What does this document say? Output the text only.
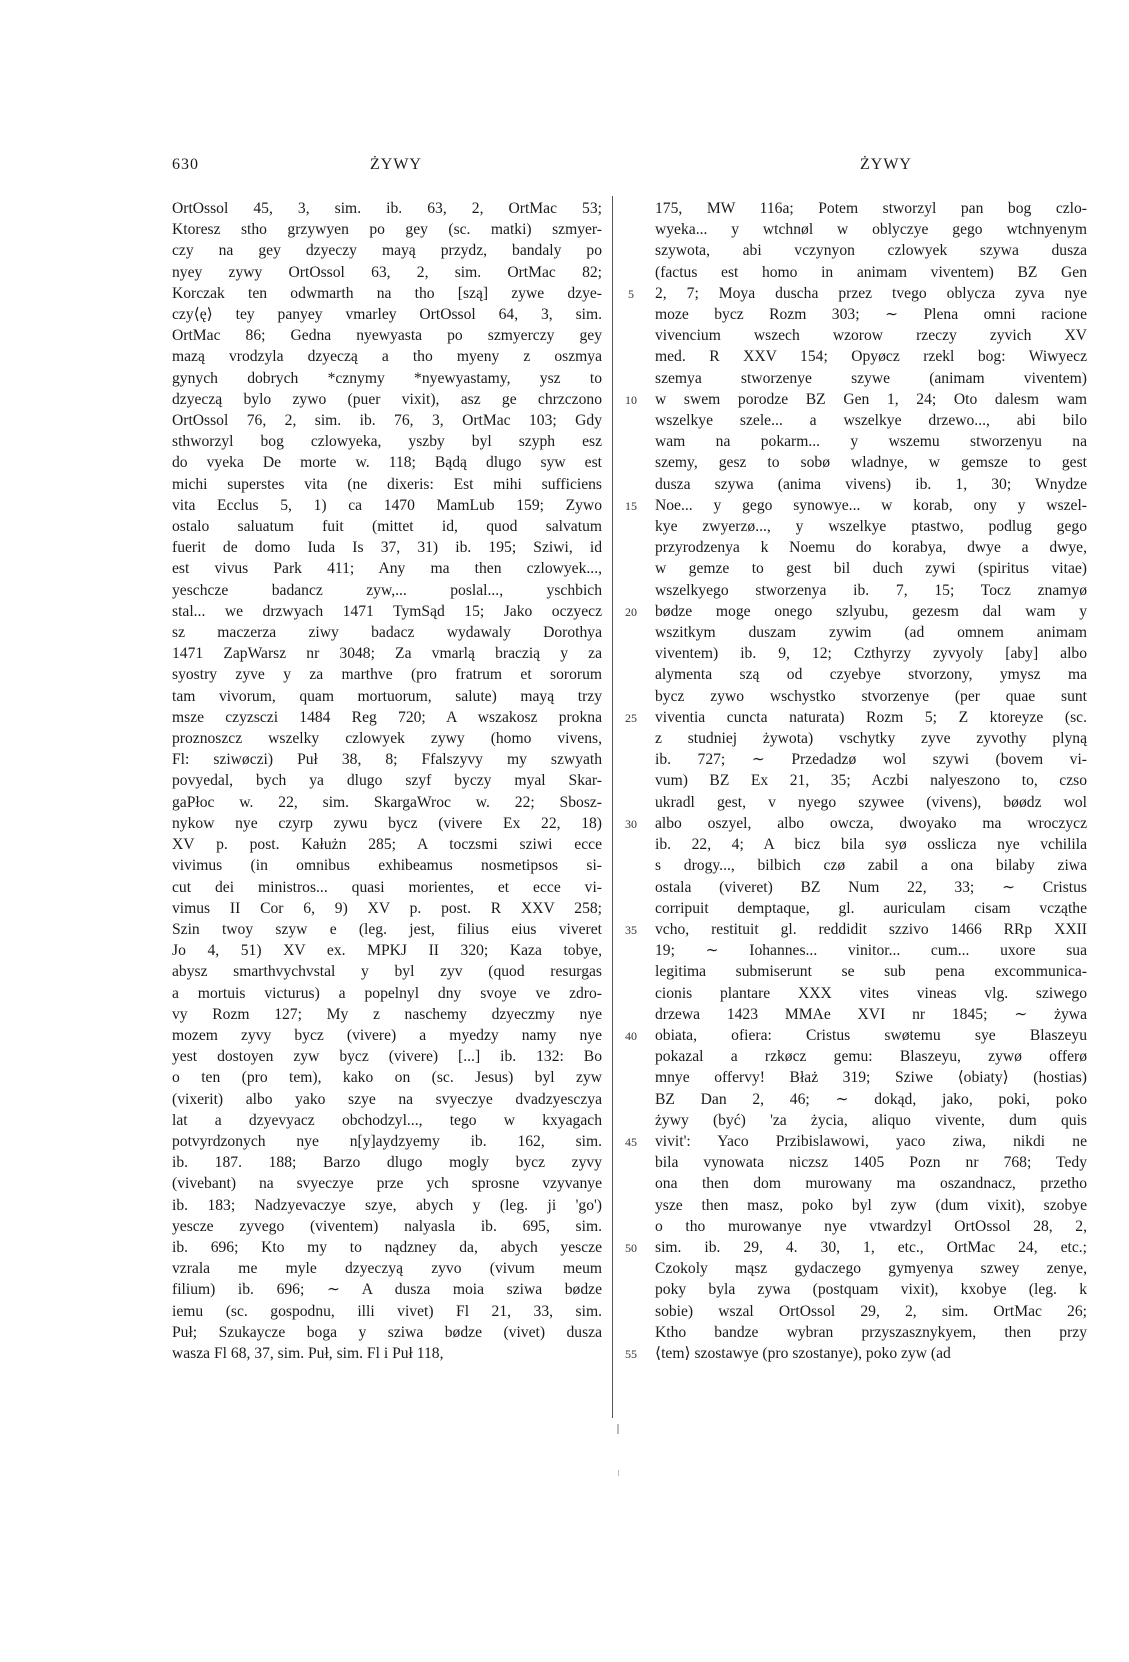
630	ŻYWY	ŻYWY
OrtOssol 45, 3, sim. ib. 63, 2, OrtMac 53;
Ktoresz stho grzywyen po gey (sc. matki) szmyer-
czy na gey dzyeczy mayą przydz, bandaly po
nyey zywy OrtOssol 63, 2, sim. OrtMac 82;
Korczak ten odwmarth na tho [szą] zywe dzye-
czy⟨ę⟩ tey panyey vmarley OrtOssol 64, 3, sim.
OrtMac 86; Gedna nyewyasta po szmyerczy gey
mazą vrodzyla dzyeczą a tho myeny z oszmya
gynych dobrych *cznymy *nyewyastamy, ysz to
dzyeczą bylo zywo (puer vixit), asz ge chrzczono
OrtOssol 76, 2, sim. ib. 76, 3, OrtMac 103; Gdy
sthworzyl bog czlowyeka, yszby byl szyph esz
do vyeka De morte w. 118; Bądą dlugo syw est
michi superstes vita (ne dixeris: Est mihi sufficiens
vita Ecclus 5, 1) ca 1470 MamLub 159; Zywo
ostalo saluatum fuit (mittet id, quod salvatum
fuerit de domo Iuda Is 37, 31) ib. 195; Sziwi, id
est vivus Park 411; Any ma then czlowyek...,
yeschcze badancz zyw,... poslal..., yschbich
stal... we drzwyach 1471 TymSąd 15; Jako oczyecz
sz maczerza ziwy badacz wydawaly Dorothya
1471 ZapWarsz nr 3048; Za vmarlą braczią y za
syostry zyve y za marthve (pro fratrum et sororum
tam vivorum, quam mortuorum, salute) mayą trzy
msze czyzsczi 1484 Reg 720; A wszakosz prokna
proznoszcz wszelky czlowyek zywy (homo vivens,
Fl: sziwøczi) Puł 38, 8; Ffalszyvy my szwyath
povyedal, bych ya dlugo szyf byczy myal Skar-
gaPłoc w. 22, sim. SkargaWroc w. 22; Sbosz-
nykow nye czyrp zywu bycz (vivere Ex 22, 18)
XV p. post. Kałużn 285; A toczsmi sziwi ecce
vivimus (in omnibus exhibeamus nosmetipsos si-
cut dei ministros... quasi morientes, et ecce vi-
vimus II Cor 6, 9) XV p. post. R XXV 258;
Szin twoy szyw e (leg. jest, filius eius viveret
Jo 4, 51) XV ex. MPKJ II 320; Kaza tobye,
abysz smarthvychvstal y byl zyv (quod resurgas
a mortuis victurus) a popelnyl dny svoye ve zdro-
vy Rozm 127; My z naschemy dzyeczmy nye
mozem zyvy bycz (vivere) a myedzy namy nye
yest dostoyen zyw bycz (vivere) [...] ib. 132: Bo
o ten (pro tem), kako on (sc. Jesus) byl zyw
(vixerit) albo yako szye na svyeczye dvadzyesczya
lat a dzyevyacz obchodzyl..., tego w kxyagach
potvyrdzonych nye n[y]aydzyemy ib. 162, sim.
ib. 187. 188; Barzo dlugo mogly bycz zyvy
(vivebant) na svyeczye prze ych sprosne vzyvanye
ib. 183; Nadzyevaczye szye, abych y (leg. ji 'go')
yescze zyvego (viventem) nalyasla ib. 695, sim.
ib. 696; Kto my to nądzney da, abych yescze
vzrala me myle dzyeczyą zyvo (vivum meum
filium) ib. 696; ∼ A dusza moia sziwa bødze
iemu (sc. gospodnu, illi vivet) Fl 21, 33, sim.
Puł; Szukaycze boga y sziwa bødze (vivet) dusza
wasza Fl 68, 37, sim. Puł, sim. Fl i Puł 118,
5
10
15
20
25
30
35
40
45
50
55
175, MW 116a; Potem stworzyl pan bog czlo-
wyeka... y wtchnøl w oblyczye gego wtchnyenym
szywota, abi vczynyon czlowyek szywa dusza
(factus est homo in animam viventem) BZ Gen
2, 7; Moya duscha przez tvego oblycza zyva nye
moze bycz Rozm 303; ∼ Plena omni racione
vivencium wszech wzorow rzeczy zyvich XV
med. R XXV 154; Opyøcz rzekl bog: Wiwyecz
szemya stworzenye szywe (animam viventem)
w swem porodze BZ Gen 1, 24; Oto dalesm wam
wszelkye szele... a wszelkye drzewo..., abi bilo
wam na pokarm... y wszemu stworzenyu na
szemy, gesz to sobø wladnye, w gemsze to gest
dusza szywa (anima vivens) ib. 1, 30; Wnydze
Noe... y gego synowye... w korab, ony y wszel-
kye zwyerzø..., y wszelkye ptastwo, podlug gego
przyrodzenya k Noemu do korabya, dwye a dwye,
w gemze to gest bil duch zywi (spiritus vitae)
wszelkyego stworzenya ib. 7, 15; Tocz znamyø
bødze moge onego szlyubu, gezesm dal wam y
wszitkym duszam zywim (ad omnem animam
viventem) ib. 9, 12; Czthyrzy zyvyoly [aby] albo
alymenta szą od czyebye stvorzony, ymysz ma
bycz zywo wschystko stvorzenye (per quae sunt
viventia cuncta naturata) Rozm 5; Z ktoreyze (sc.
z studniej żywota) vschytky zyve zyvothy plyną
ib. 727; ∼ Przedadzø wol szywi (bovem vi-
vum) BZ Ex 21, 35; Aczbi nalyeszono to, czso
ukradl gest, v nyego szywee (vivens), bøødz wol
albo oszyel, albo owcza, dwoyako ma wroczycz
ib. 22, 4; A bicz bila syø osslicza nye vchilila
s drogy..., bilbich czø zabil a ona bilaby ziwa
ostala (viveret) BZ Num 22, 33; ∼ Cristus
corripuit demptaque, gl. auriculam cisam vcząthe
vcho, restituit gl. reddidit szzivo 1466 RRp XXII
19; ∼ Iohannes... vinitor... cum... uxore sua
legitima submiserunt se sub pena excommunica-
cionis plantare XXX vites vineas vlg. sziwego
drzewa 1423 MMAe XVI nr 1845; ∼ żywa
obiata, ofiera: Cristus swøtemu sye Blaszeyu
pokazal a rzkøcz gemu: Blaszeyu, zywø offerø
mnye offervy! Błaż 319; Sziwe ⟨obiaty⟩ (hostias)
BZ Dan 2, 46; ∼ dokąd, jako, poki, poko
żywy (być) 'za życia, aliquo vivente, dum quis
vivit': Yaco Przibislawowi, yaco ziwa, nikdi ne
bila vynowata niczsz 1405 Pozn nr 768; Tedy
ona then dom murowany ma oszandnacz, przetho
ysze then masz, poko byl zyw (dum vixit), szobye
o tho murowanye nye vtwardzyl OrtOssol 28, 2,
sim. ib. 29, 4. 30, 1, etc., OrtMac 24, etc.;
Czokoly mąsz gydaczego gymyenya szwey zenye,
poky byla zywa (postquam vixit), kxobye (leg. k
sobie) wszal OrtOssol 29, 2, sim. OrtMac 26;
Ktho bandze wybran przyszasznykyem, then przy
⟨tem⟩ szostawye (pro szostanye), poko zyw (ad
